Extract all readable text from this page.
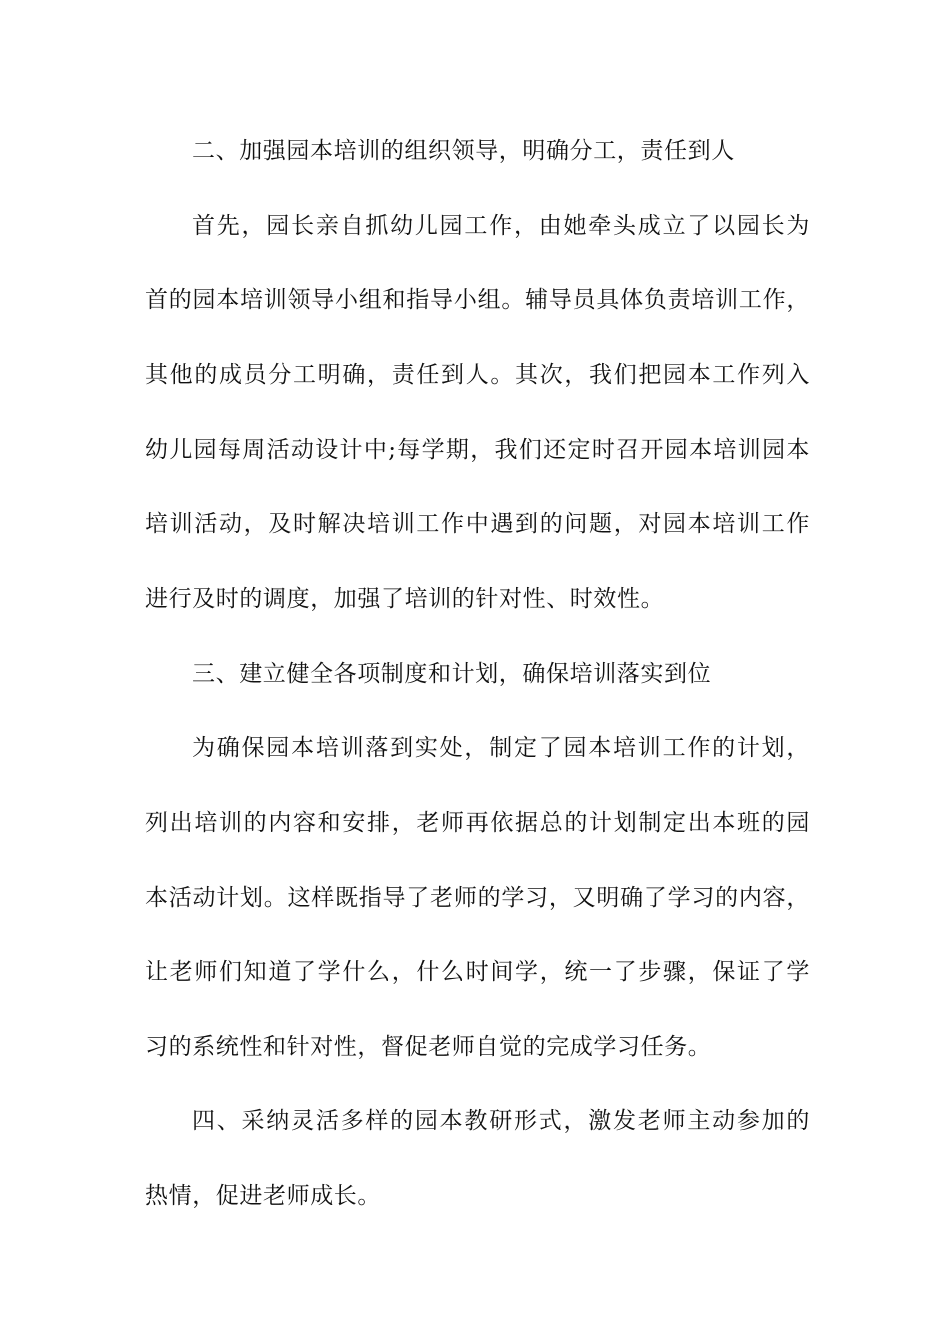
二、加强园本培训的组织领导，明确分工，责任到人
首先，园长亲自抓幼儿园工作，由她牵头成立了以园长为
首的园本培训领导小组和指导小组。辅导员具体负责培训工作，
其他的成员分工明确，责任到人。其次，我们把园本工作列入
幼儿园每周活动设计中;每学期，我们还定时召开园本培训园本
培训活动，及时解决培训工作中遇到的问题，对园本培训工作
进行及时的调度，加强了培训的针对性、时效性。
三、建立健全各项制度和计划，确保培训落实到位
为确保园本培训落到实处，制定了园本培训工作的计划，
列出培训的内容和安排，老师再依据总的计划制定出本班的园
本活动计划。这样既指导了老师的学习，又明确了学习的内容，
让老师们知道了学什么，什么时间学，统一了步骤，保证了学
习的系统性和针对性，督促老师自觉的完成学习任务。
四、采纳灵活多样的园本教研形式，激发老师主动参加的
热情，促进老师成长。
